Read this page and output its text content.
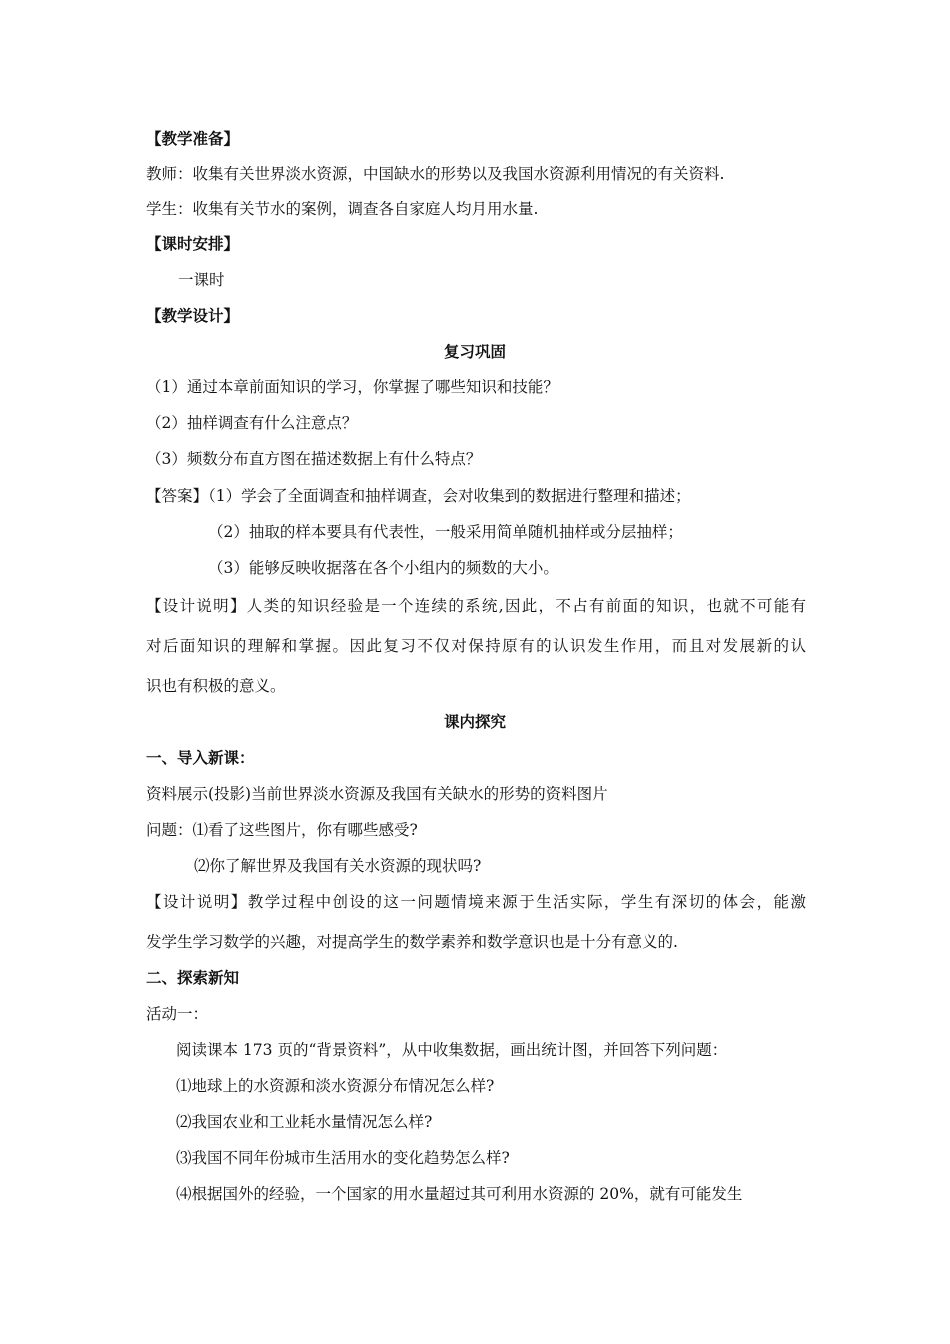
【教学准备】
教师：收集有关世界淡水资源，中国缺水的形势以及我国水资源利用情况的有关资料.
学生：收集有关节水的案例，调查各自家庭人均月用水量.
【课时安排】
一课时
【教学设计】
复习巩固
（1）通过本章前面知识的学习，你掌握了哪些知识和技能？
（2）抽样调查有什么注意点？
（3）频数分布直方图在描述数据上有什么特点？
【答案】（1）学会了全面调查和抽样调查，会对收集到的数据进行整理和描述；
（2）抽取的样本要具有代表性，一般采用简单随机抽样或分层抽样；
（3）能够反映收据落在各个小组内的频数的大小。
【设计说明】人类的知识经验是一个连续的系统,因此，不占有前面的知识，也就不可能有
对后面知识的理解和掌握。因此复习不仅对保持原有的认识发生作用，而且对发展新的认
识也有积极的意义。
课内探究
一、导入新课：
资料展示(投影)当前世界淡水资源及我国有关缺水的形势的资料图片
问题：⑴看了这些图片，你有哪些感受?
⑵你了解世界及我国有关水资源的现状吗?
【设计说明】教学过程中创设的这一问题情境来源于生活实际，学生有深切的体会，能激
发学生学习数学的兴趣，对提高学生的数学素养和数学意识也是十分有意义的.
二、探索新知
活动一：
阅读课本 173 页的“背景资料”，从中收集数据，画出统计图，并回答下列问题：
⑴地球上的水资源和淡水资源分布情况怎么样?
⑵我国农业和工业耗水量情况怎么样?
⑶我国不同年份城市生活用水的变化趋势怎么样?
⑷根据国外的经验，一个国家的用水量超过其可利用水资源的 20%，就有可能发生
